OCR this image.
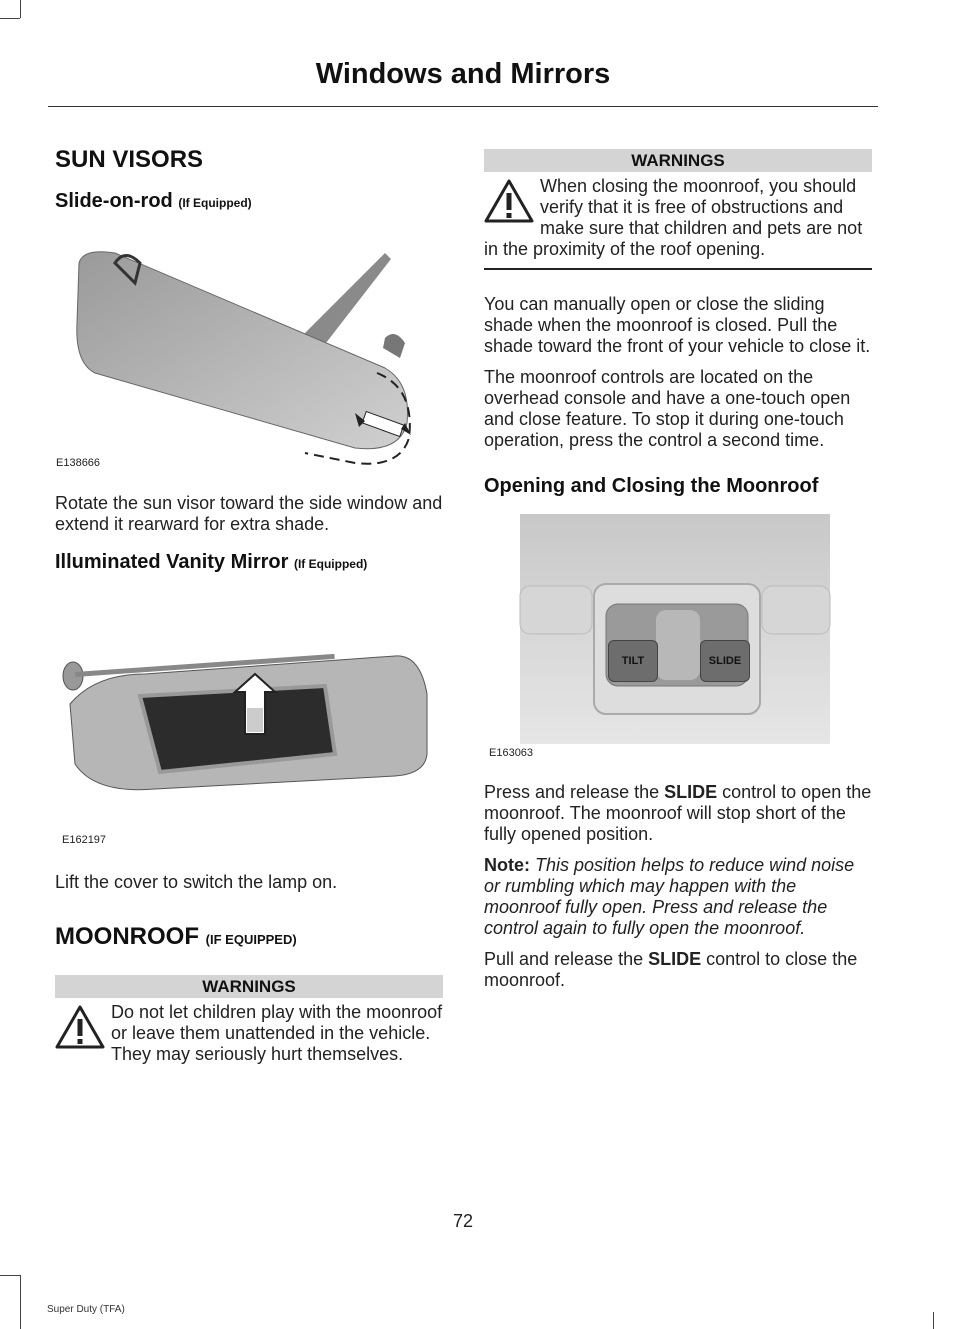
Windows and Mirrors
SUN VISORS
Slide-on-rod (If Equipped)
E138666

Rotate the sun visor toward the side window and extend it rearward for extra shade.

Illuminated Vanity Mirror (If Equipped)
E162197

Lift the cover to switch the lamp on.

MOONROOF (IF EQUIPPED)
WARNINGS
Do not let children play with the moonroof or leave them unattended in the vehicle. They may seriously hurt themselves.
WARNINGS
When closing the moonroof, you should verify that it is free of obstructions and make sure that children and pets are not in the proximity of the roof opening.

You can manually open or close the sliding shade when the moonroof is closed. Pull the shade toward the front of your vehicle to close it.

The moonroof controls are located on the overhead console and have a one-touch open and close feature. To stop it during one-touch operation, press the control a second time.

Opening and Closing the Moonroof
TILT	SLIDE
E163063

Press and release the SLIDE control to open the moonroof. The moonroof will stop short of the fully opened position.

Note: This position helps to reduce wind noise or rumbling which may happen with the moonroof fully open. Press and release the control again to fully open the moonroof.

Pull and release the SLIDE control to close the moonroof.

72
Super Duty (TFA)
